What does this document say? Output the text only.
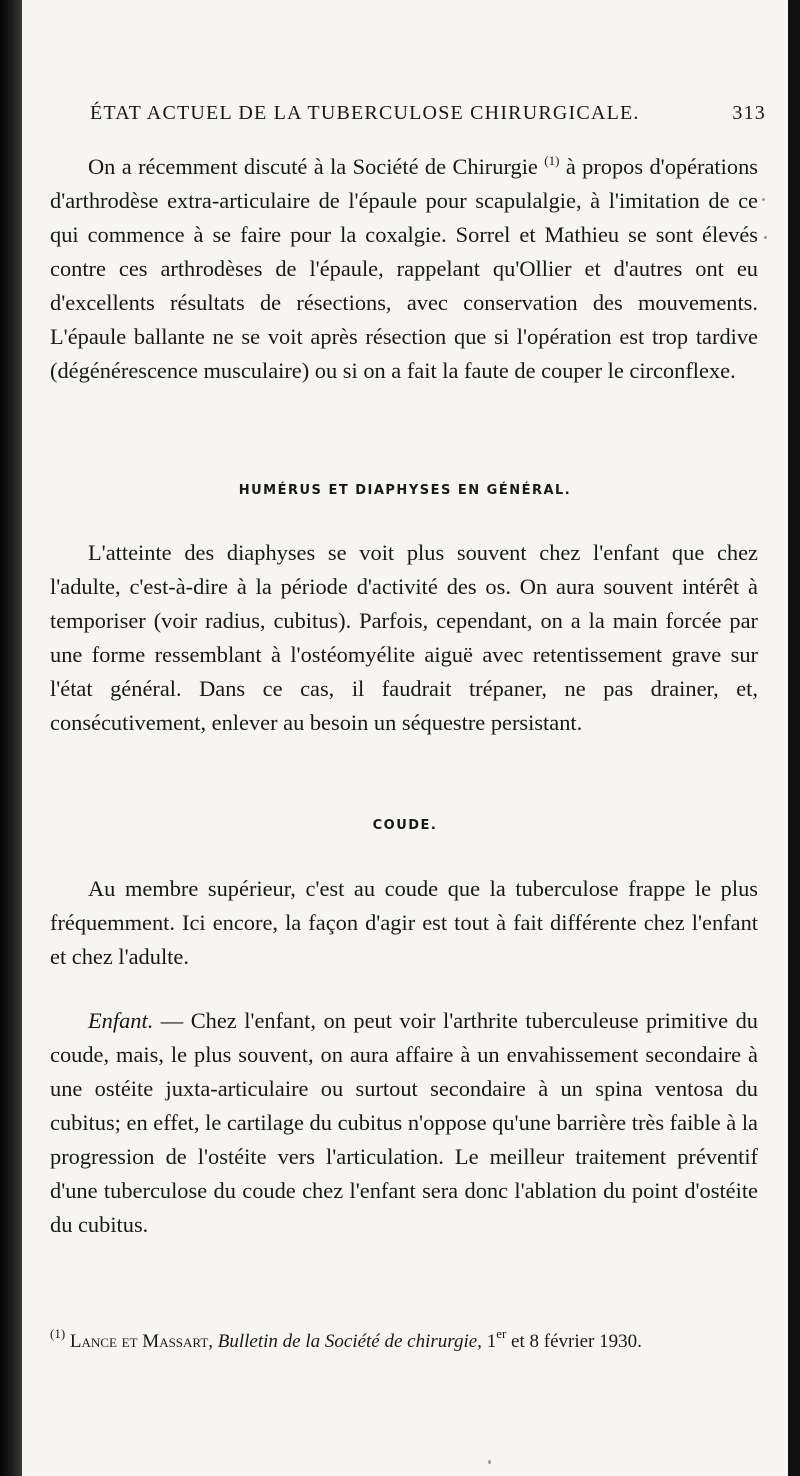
ÉTAT ACTUEL DE LA TUBERCULOSE CHIRURGICALE.	313

On a récemment discuté à la Société de Chirurgie $^{(1)}$ à propos d'opérations d'arthrodèse extra-articulaire de l'épaule pour scapulalgie, à l'imitation de ce qui commence à se faire pour la coxalgie. Sorrel et Mathieu se sont élevés contre ces arthrodèses de l'épaule, rappelant qu'Ollier et d'autres ont eu d'excellents résultats de résections, avec conservation des mouvements. L'épaule ballante ne se voit après résection que si l'opération est trop tardive (dégénérescence musculaire) ou si on a fait la faute de couper le circonflexe.

HUMÉRUS ET DIAPHYSES EN GÉNÉRAL.

L'atteinte des diaphyses se voit plus souvent chez l'enfant que chez l'adulte, c'est-à-dire à la période d'activité des os. On aura souvent intérêt à temporiser (voir radius, cubitus). Parfois, cependant, on a la main forcée par une forme ressemblant à l'ostéomyélite aiguë avec retentissement grave sur l'état général. Dans ce cas, il faudrait trépaner, ne pas drainer, et, consécutivement, enlever au besoin un séquestre persistant.

COUDE.

Au membre supérieur, c'est au coude que la tuberculose frappe le plus fréquemment. Ici encore, la façon d'agir est tout à fait différente chez l'enfant et chez l'adulte.

Enfant. — Chez l'enfant, on peut voir l'arthrite tuberculeuse primitive du coude, mais, le plus souvent, on aura affaire à un envahissement secondaire à une ostéite juxta-articulaire ou surtout secondaire à un spina ventosa du cubitus; en effet, le cartilage du cubitus n'oppose qu'une barrière très faible à la progression de l'ostéite vers l'articulation. Le meilleur traitement préventif d'une tuberculose du coude chez l'enfant sera donc l'ablation du point d'ostéite du cubitus.

$^{(1)}$ Lance et Massart, Bulletin de la Société de chirurgie, 1er et 8 février 1930.
